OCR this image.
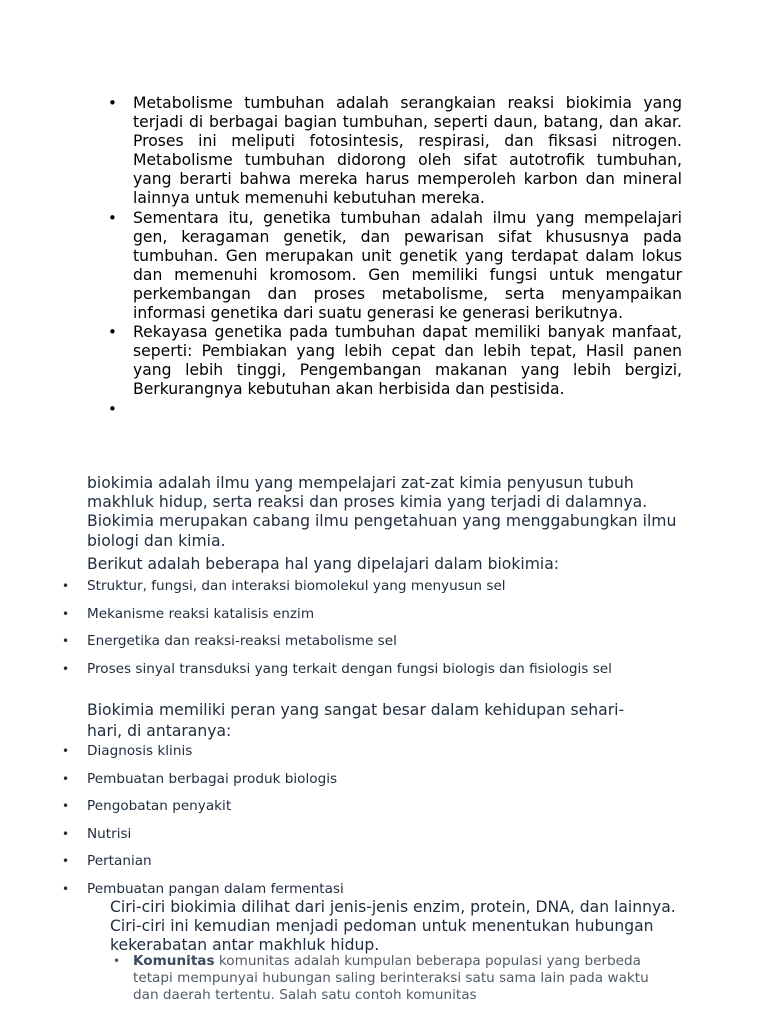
• Metabolisme tumbuhan adalah serangkaian reaksi biokimia yang terjadi di berbagai bagian tumbuhan, seperti daun, batang, dan akar. Proses ini meliputi fotosintesis, respirasi, dan fiksasi nitrogen. Metabolisme tumbuhan didorong oleh sifat autotrofik tumbuhan, yang berarti bahwa mereka harus memperoleh karbon dan mineral lainnya untuk memenuhi kebutuhan mereka.
• Sementara itu, genetika tumbuhan adalah ilmu yang mempelajari gen, keragaman genetik, dan pewarisan sifat khususnya pada tumbuhan. Gen merupakan unit genetik yang terdapat dalam lokus dan memenuhi kromosom. Gen memiliki fungsi untuk mengatur perkembangan dan proses metabolisme, serta menyampaikan informasi genetika dari suatu generasi ke generasi berikutnya.
• Rekayasa genetika pada tumbuhan dapat memiliki banyak manfaat, seperti: Pembiakan yang lebih cepat dan lebih tepat, Hasil panen yang lebih tinggi, Pengembangan makanan yang lebih bergizi, Berkurangnya kebutuhan akan herbisida dan pestisida.
•

biokimia adalah ilmu yang mempelajari zat-zat kimia penyusun tubuh makhluk hidup, serta reaksi dan proses kimia yang terjadi di dalamnya. Biokimia merupakan cabang ilmu pengetahuan yang menggabungkan ilmu biologi dan kimia.

Berikut adalah beberapa hal yang dipelajari dalam biokimia:

• Struktur, fungsi, dan interaksi biomolekul yang menyusun sel
• Mekanisme reaksi katalisis enzim
• Energetika dan reaksi-reaksi metabolisme sel
• Proses sinyal transduksi yang terkait dengan fungsi biologis dan fisiologis sel

Biokimia memiliki peran yang sangat besar dalam kehidupan sehari-hari, di antaranya:

• Diagnosis klinis
• Pembuatan berbagai produk biologis
• Pengobatan penyakit
• Nutrisi
• Pertanian
• Pembuatan pangan dalam fermentasi

Ciri-ciri biokimia dilihat dari jenis-jenis enzim, protein, DNA, dan lainnya. Ciri-ciri ini kemudian menjadi pedoman untuk menentukan hubungan kekerabatan antar makhluk hidup.

• Komunitas komunitas adalah kumpulan beberapa populasi yang berbeda tetapi mempunyai hubungan saling berinteraksi satu sama lain pada waktu dan daerah tertentu. Salah satu contoh komunitas
